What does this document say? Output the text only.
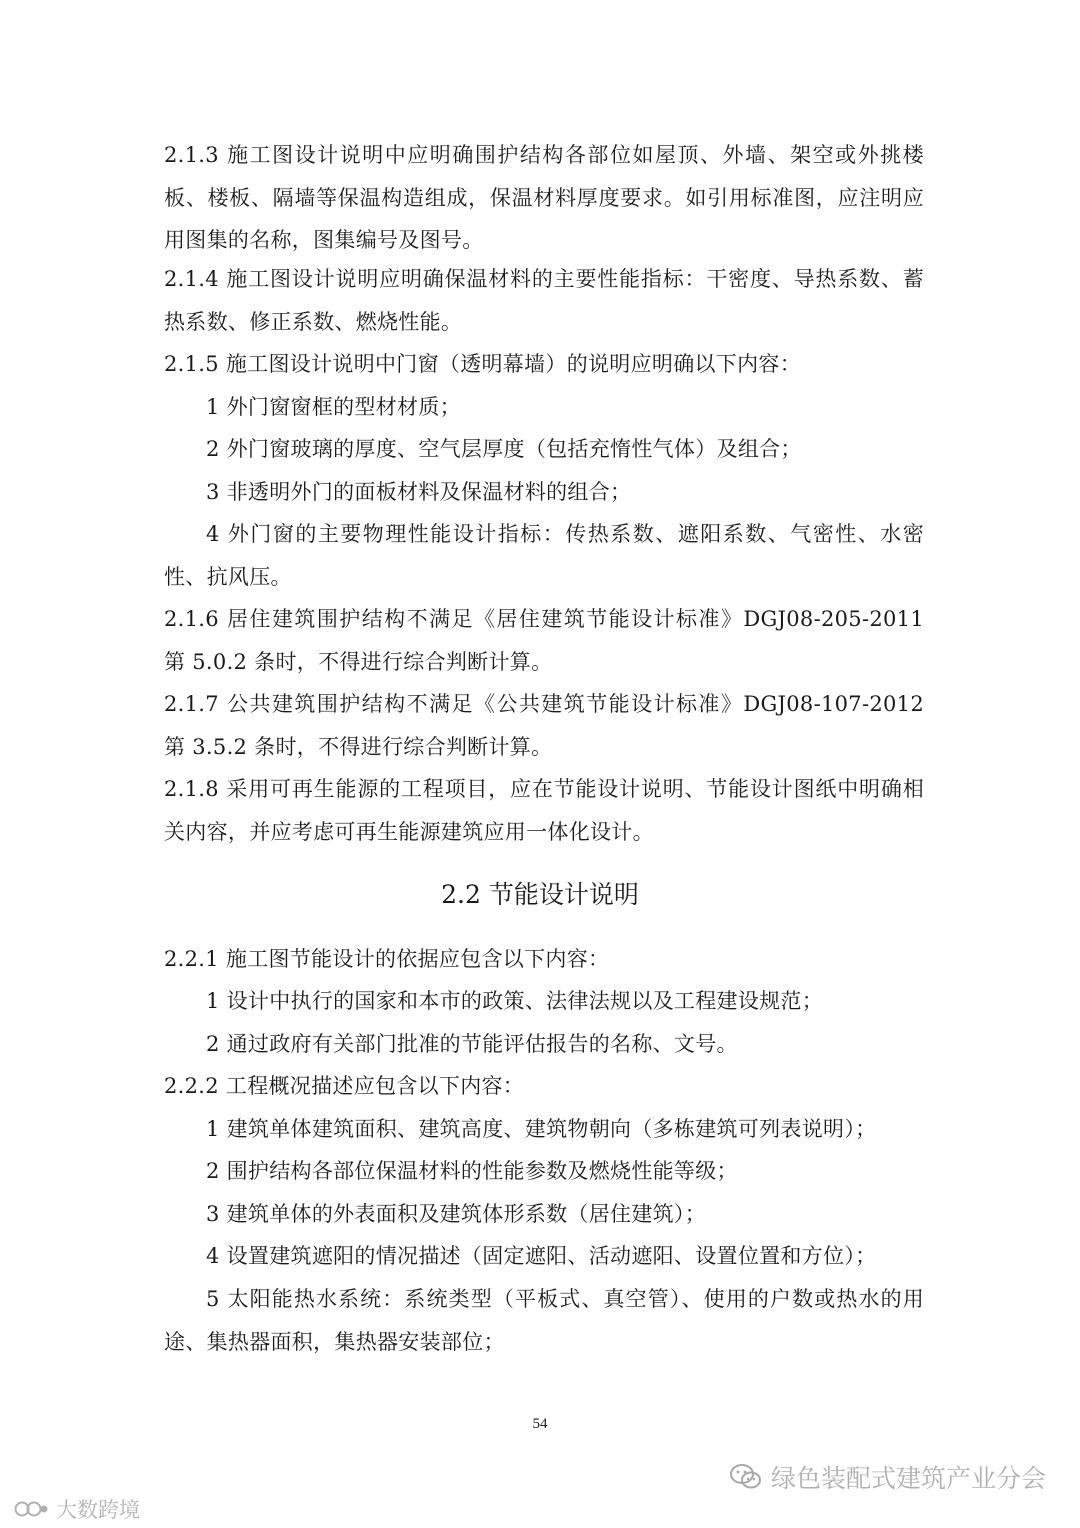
2.1.3 施工图设计说明中应明确围护结构各部位如屋顶、外墙、架空或外挑楼板、楼板、隔墙等保温构造组成，保温材料厚度要求。如引用标准图，应注明应用图集的名称，图集编号及图号。

2.1.4 施工图设计说明应明确保温材料的主要性能指标：干密度、导热系数、蓄热系数、修正系数、燃烧性能。

2.1.5 施工图设计说明中门窗（透明幕墙）的说明应明确以下内容：

1 外门窗窗框的型材材质；

2 外门窗玻璃的厚度、空气层厚度（包括充惰性气体）及组合；

3 非透明外门的面板材料及保温材料的组合；

4 外门窗的主要物理性能设计指标：传热系数、遮阳系数、气密性、水密性、抗风压。

2.1.6 居住建筑围护结构不满足《居住建筑节能设计标准》DGJ08-205-2011 第 5.0.2 条时，不得进行综合判断计算。

2.1.7 公共建筑围护结构不满足《公共建筑节能设计标准》DGJ08-107-2012 第 3.5.2 条时，不得进行综合判断计算。

2.1.8 采用可再生能源的工程项目，应在节能设计说明、节能设计图纸中明确相关内容，并应考虑可再生能源建筑应用一体化设计。

2.2 节能设计说明

2.2.1 施工图节能设计的依据应包含以下内容：

1 设计中执行的国家和本市的政策、法律法规以及工程建设规范；

2 通过政府有关部门批准的节能评估报告的名称、文号。

2.2.2 工程概况描述应包含以下内容：

1 建筑单体建筑面积、建筑高度、建筑物朝向（多栋建筑可列表说明）；

2 围护结构各部位保温材料的性能参数及燃烧性能等级；

3 建筑单体的外表面积及建筑体形系数（居住建筑）；

4 设置建筑遮阳的情况描述（固定遮阳、活动遮阳、设置位置和方位）；

5 太阳能热水系统：系统类型（平板式、真空管）、使用的户数或热水的用途、集热器面积，集热器安装部位；

54
绿色装配式建筑产业分会
大数跨境
